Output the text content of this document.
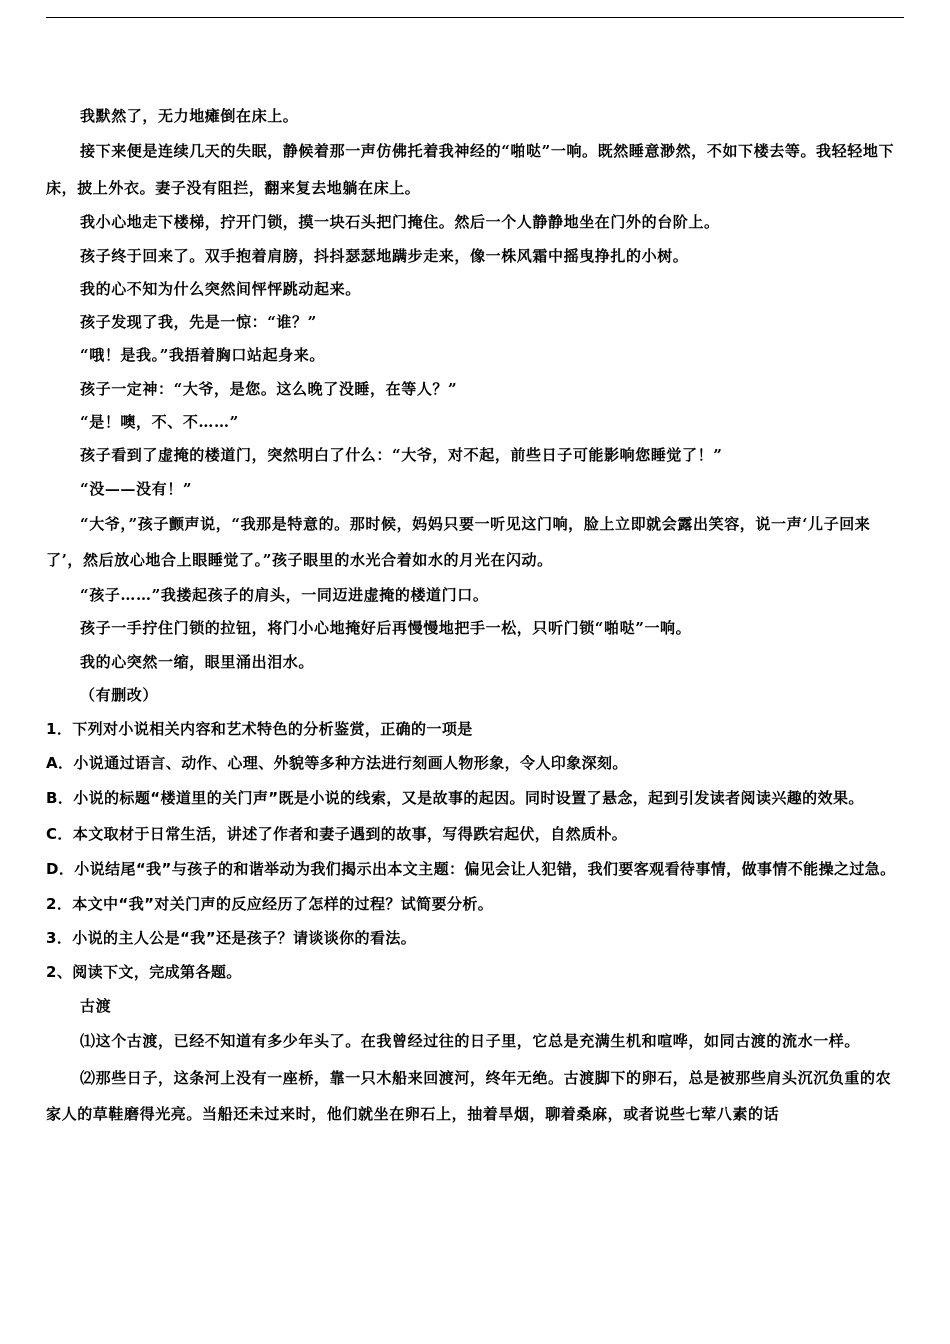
我默然了，无力地瘫倒在床上。

接下来便是连续几天的失眠，静候着那一声仿佛托着我神经的“啪哒”一响。既然睡意渺然，不如下楼去等。我轻轻地下床，披上外衣。妻子没有阻拦，翻来复去地躺在床上。

我小心地走下楼梯，拧开门锁，摸一块石头把门掩住。然后一个人静静地坐在门外的台阶上。

孩子终于回来了。双手抱着肩膀，抖抖瑟瑟地蹒步走来，像一株风霜中摇曳挣扎的小树。

我的心不知为什么突然间怦怦跳动起来。

孩子发现了我，先是一惊：“谁？”

“哦！是我。”我捂着胸口站起身来。

孩子一定神：“大爷，是您。这么晚了没睡，在等人？”

“是！噢，不、不……”

孩子看到了虚掩的楼道门，突然明白了什么：“大爷，对不起，前些日子可能影响您睡觉了！”

“没——没有！”

“大爷，”孩子颤声说，“我那是特意的。那时候，妈妈只要一听见这门响，脸上立即就会露出笑容，说一声‘儿子回来了’，然后放心地合上眼睡觉了。”孩子眼里的水光合着如水的月光在闪动。

“孩子……”我搂起孩子的肩头，一同迈进虚掩的楼道门口。

孩子一手拧住门锁的拉钮，将门小心地掩好后再慢慢地把手一松，只听门锁“啪哒”一响。

我的心突然一缩，眼里涌出泪水。

（有删改）

1．下列对小说相关内容和艺术特色的分析鉴赏，正确的一项是

A．小说通过语言、动作、心理、外貌等多种方法进行刻画人物形象，令人印象深刻。

B．小说的标题“楼道里的关门声”既是小说的线索，又是故事的起因。同时设置了悬念，起到引发读者阅读兴趣的效果。

C．本文取材于日常生活，讲述了作者和妻子遇到的故事，写得跌宕起伏，自然质朴。

D．小说结尾“我”与孩子的和谐举动为我们揭示出本文主题：偏见会让人犯错，我们要客观看待事情，做事情不能操之过急。

2．本文中“我”对关门声的反应经历了怎样的过程？试简要分析。

3．小说的主人公是“我”还是孩子？请谈谈你的看法。

2、阅读下文，完成第各题。

古渡

⑴这个古渡，已经不知道有多少年头了。在我曾经过往的日子里，它总是充满生机和喧哗，如同古渡的流水一样。

⑵那些日子，这条河上没有一座桥，靠一只木船来回渡河，终年无绝。古渡脚下的卵石，总是被那些肩头沉沉负重的农家人的草鞋磨得光亮。当船还未过来时，他们就坐在卵石上，抽着旱烟，聊着桑麻，或者说些七荤八素的话
